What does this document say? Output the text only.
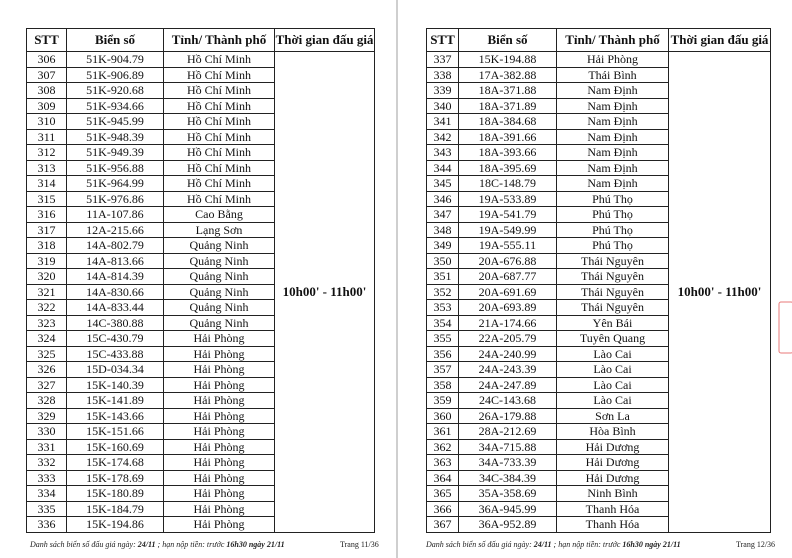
STT	Biển số	Tỉnh/ Thành phố	Thời gian đấu giá
306	51K-904.79	Hồ Chí Minh	10h00' - 11h00'
307	51K-906.89	Hồ Chí Minh	
308	51K-920.68	Hồ Chí Minh	
309	51K-934.66	Hồ Chí Minh	
310	51K-945.99	Hồ Chí Minh	
311	51K-948.39	Hồ Chí Minh	
312	51K-949.39	Hồ Chí Minh	
313	51K-956.88	Hồ Chí Minh	
314	51K-964.99	Hồ Chí Minh	
315	51K-976.86	Hồ Chí Minh	
316	11A-107.86	Cao Bằng	
317	12A-215.66	Lạng Sơn	
318	14A-802.79	Quảng Ninh	
319	14A-813.66	Quảng Ninh	
320	14A-814.39	Quảng Ninh	
321	14A-830.66	Quảng Ninh	
322	14A-833.44	Quảng Ninh	
323	14C-380.88	Quảng Ninh	
324	15C-430.79	Hải Phòng	
325	15C-433.88	Hải Phòng	
326	15D-034.34	Hải Phòng	
327	15K-140.39	Hải Phòng	
328	15K-141.89	Hải Phòng	
329	15K-143.66	Hải Phòng	
330	15K-151.66	Hải Phòng	
331	15K-160.69	Hải Phòng	
332	15K-174.68	Hải Phòng	
333	15K-178.69	Hải Phòng	
334	15K-180.89	Hải Phòng	
335	15K-184.79	Hải Phòng	
336	15K-194.86	Hải Phòng	
Danh sách biển số đấu giá ngày: 24/11 ; hạn nộp tiền: trước 16h30 ngày 21/11	Trang 11/36
STT	Biển số	Tỉnh/ Thành phố	Thời gian đấu giá
337	15K-194.88	Hải Phòng	10h00' - 11h00'
338	17A-382.88	Thái Bình	
339	18A-371.88	Nam Định	
340	18A-371.89	Nam Định	
341	18A-384.68	Nam Định	
342	18A-391.66	Nam Định	
343	18A-393.66	Nam Định	
344	18A-395.69	Nam Định	
345	18C-148.79	Nam Định	
346	19A-533.89	Phú Thọ	
347	19A-541.79	Phú Thọ	
348	19A-549.99	Phú Thọ	
349	19A-555.11	Phú Thọ	
350	20A-676.88	Thái Nguyên	
351	20A-687.77	Thái Nguyên	
352	20A-691.69	Thái Nguyên	
353	20A-693.89	Thái Nguyên	
354	21A-174.66	Yên Bái	
355	22A-205.79	Tuyên Quang	
356	24A-240.99	Lào Cai	
357	24A-243.39	Lào Cai	
358	24A-247.89	Lào Cai	
359	24C-143.68	Lào Cai	
360	26A-179.88	Sơn La	
361	28A-212.69	Hòa Bình	
362	34A-715.88	Hải Dương	
363	34A-733.39	Hải Dương	
364	34C-384.39	Hải Dương	
365	35A-358.69	Ninh Bình	
366	36A-945.99	Thanh Hóa	
367	36A-952.89	Thanh Hóa	
Danh sách biển số đấu giá ngày: 24/11 ; hạn nộp tiền: trước 16h30 ngày 21/11	Trang 12/36
